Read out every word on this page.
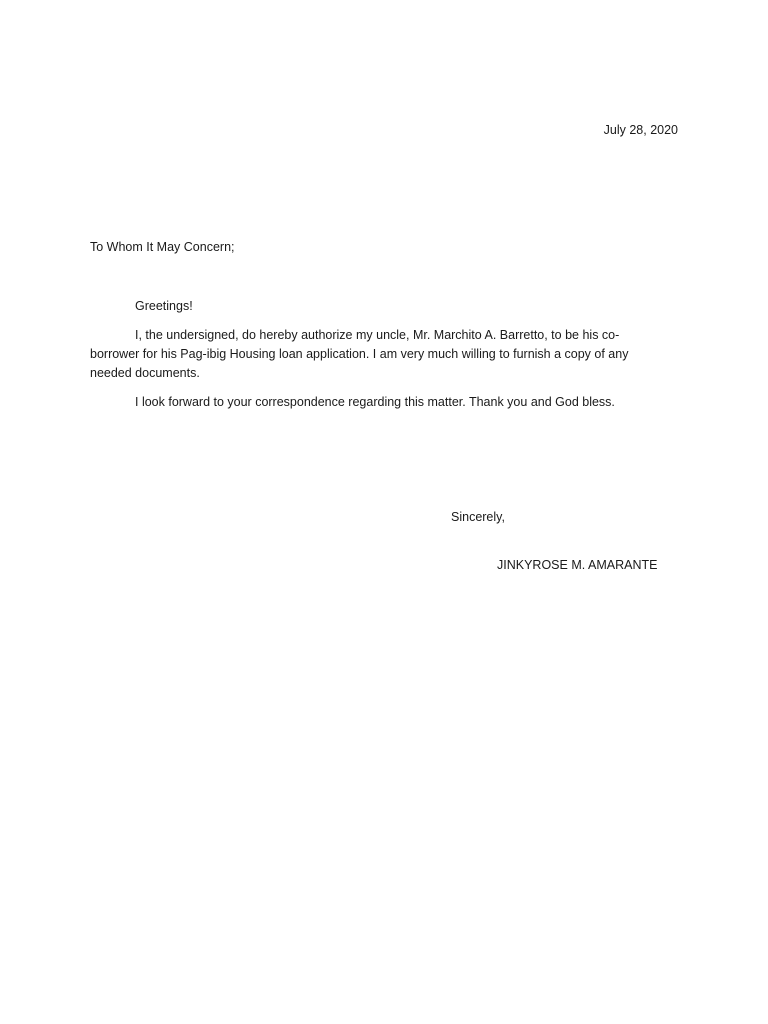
July 28, 2020
To Whom It May Concern;

Greetings!

I, the undersigned, do hereby authorize my uncle, Mr. Marchito A. Barretto, to be his co-borrower for his Pag-ibig Housing loan application. I am very much willing to furnish a copy of any needed documents.

I look forward to your correspondence regarding this matter. Thank you and God bless.

Sincerely,
JINKYROSE M. AMARANTE
